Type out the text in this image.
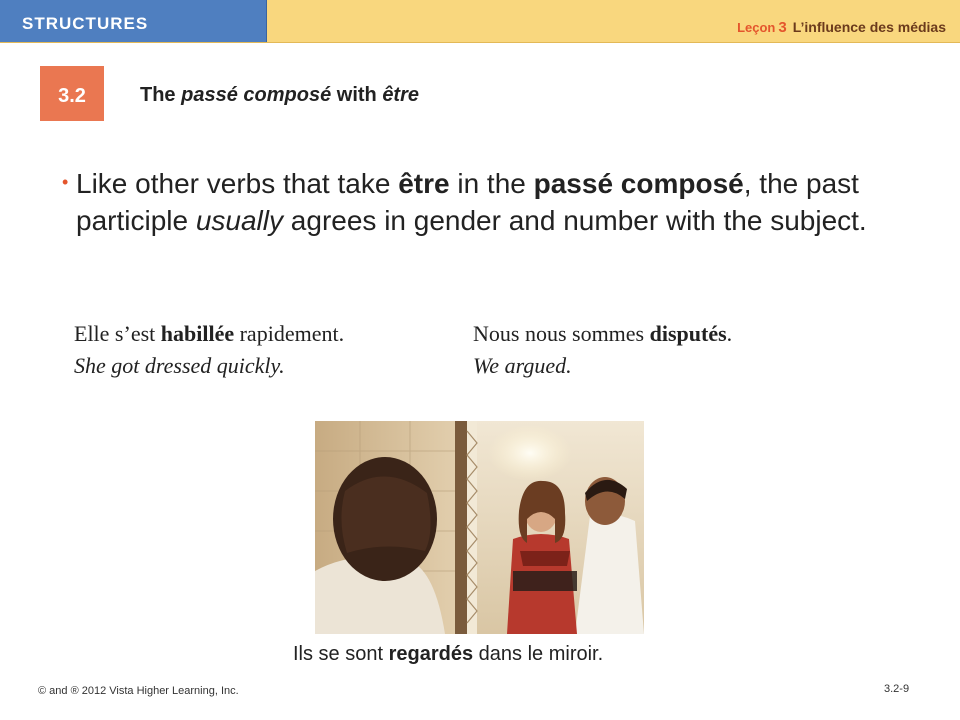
STRUCTURES	Leçon 3 L’influence des médias
3.2	The passé composé with être
• Like other verbs that take être in the passé composé, the past participle usually agrees in gender and number with the subject.
Elle s’est habillée rapidement.
She got dressed quickly.
Nous nous sommes disputés.
We argued.
Ils se sont regardés dans le miroir.
© and ® 2012 Vista Higher Learning, Inc.	3.2-9
